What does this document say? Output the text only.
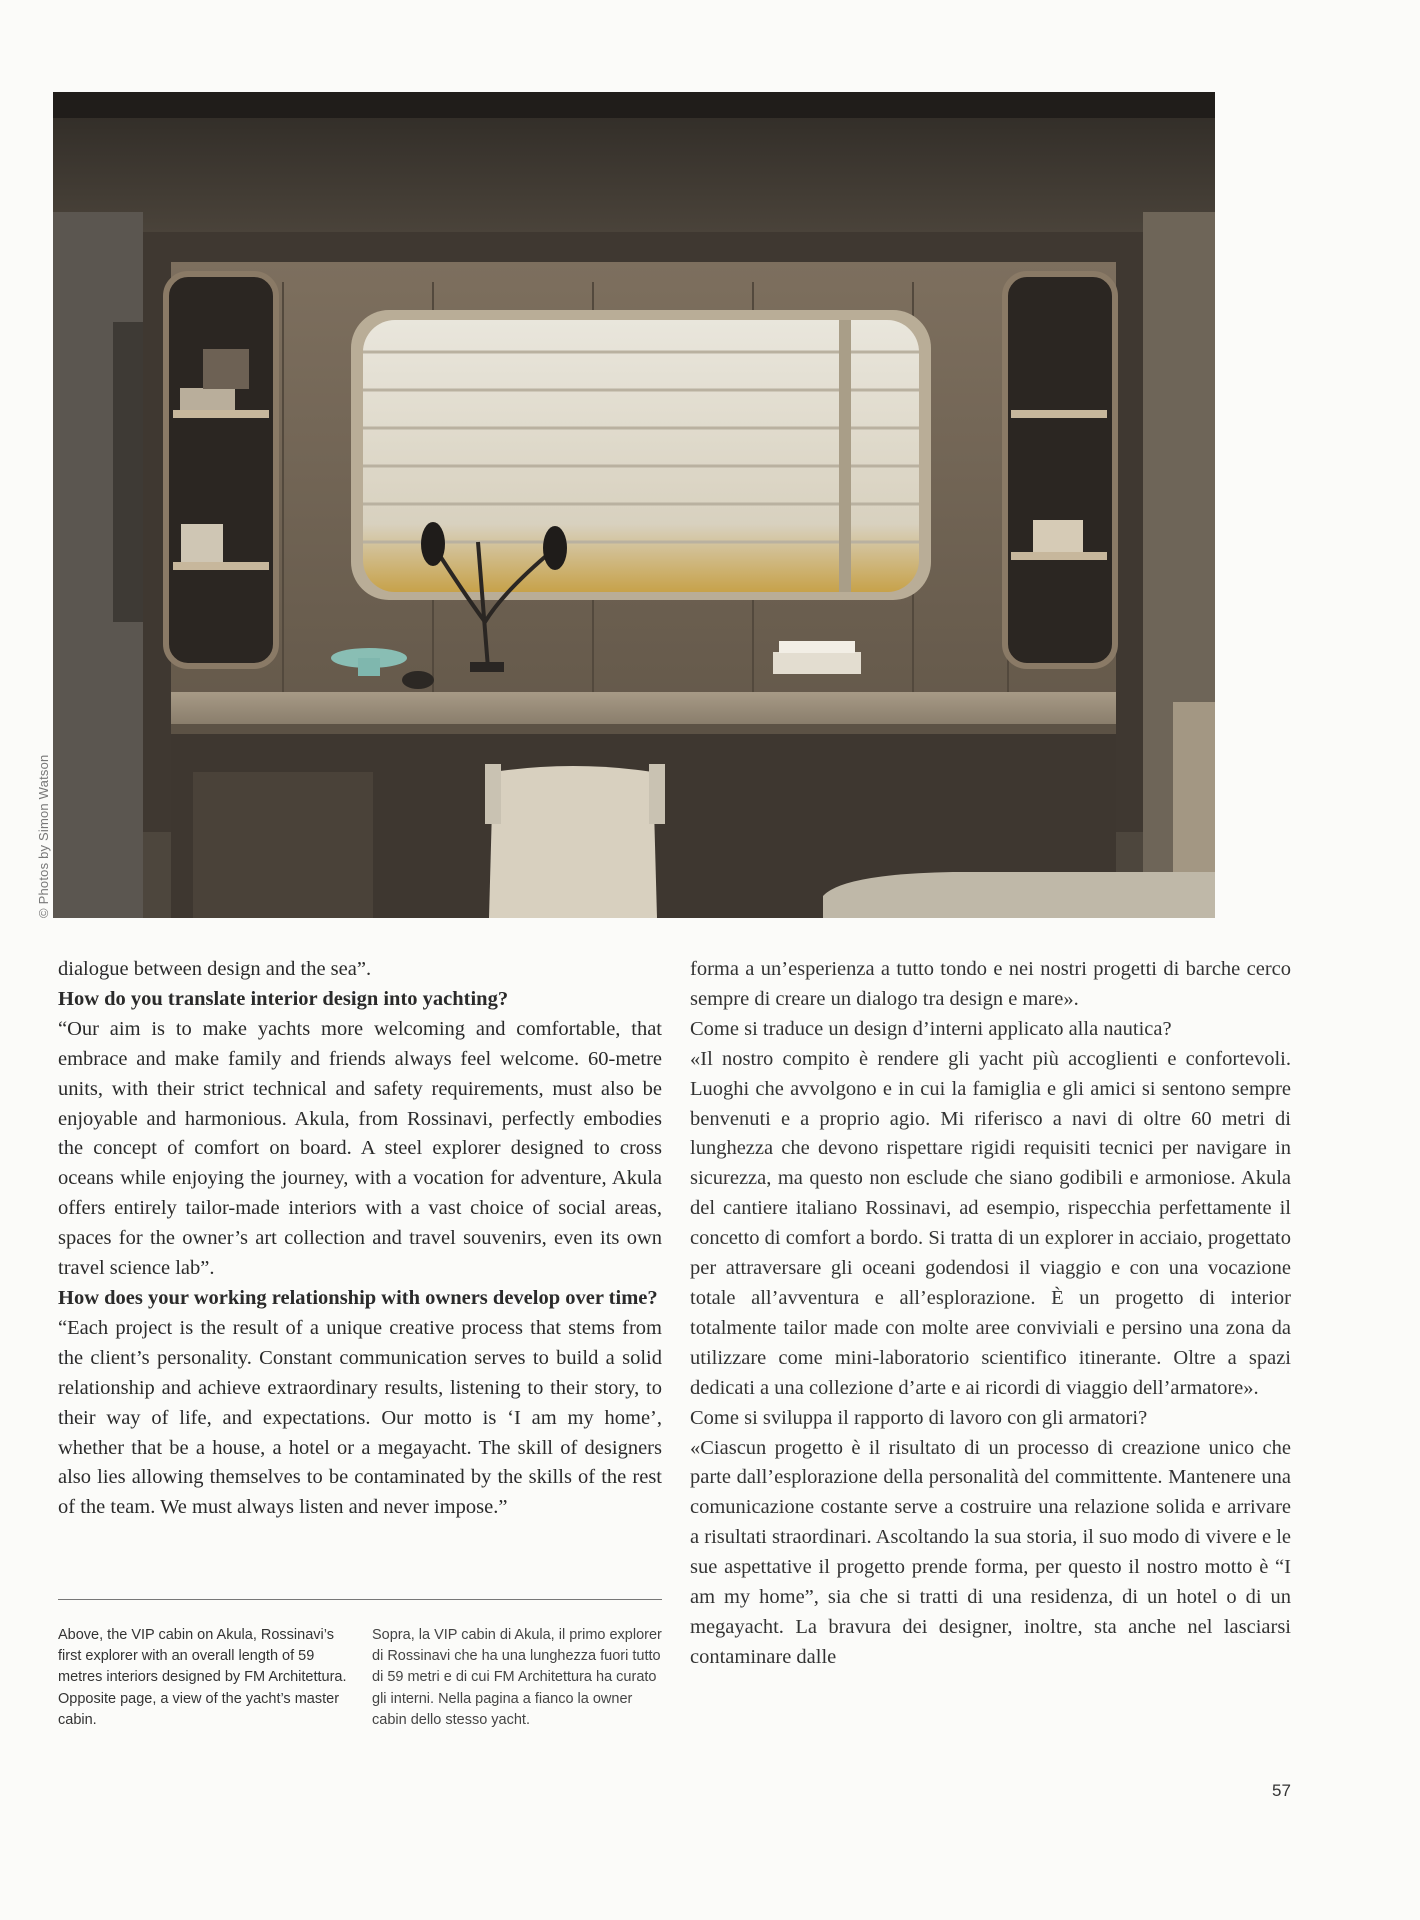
© Photos by Simon Watson

dialogue between design and the sea”.

How do you translate interior design into yachting?

“Our aim is to make yachts more welcoming and comfortable, that embrace and make family and friends always feel welcome. 60-metre units, with their strict technical and safety requirements, must also be enjoyable and harmonious. Akula, from Rossinavi, perfectly embodies the concept of comfort on board. A steel explorer designed to cross oceans while enjoying the journey, with a vocation for adventure, Akula offers entirely tailor-made interiors with a vast choice of social areas, spaces for the owner’s art collection and travel souvenirs, even its own travel science lab”.

How does your working relationship with owners develop over time?

“Each project is the result of a unique creative process that stems from the client’s personality. Constant communication serves to build a solid relationship and achieve extraordinary results, listening to their story, to their way of life, and expectations. Our motto is ‘I am my home’, whether that be a house, a hotel or a megayacht. The skill of designers also lies allowing themselves to be contaminated by the skills of the rest of the team. We must always listen and never impose.”

forma a un’esperienza a tutto tondo e nei nostri progetti di barche cerco sempre di creare un dialogo tra design e mare».

Come si traduce un design d’interni applicato alla nautica?

«Il nostro compito è rendere gli yacht più accoglienti e confortevoli. Luoghi che avvolgono e in cui la famiglia e gli amici si sentono sempre benvenuti e a proprio agio. Mi riferisco a navi di oltre 60 metri di lunghezza che devono rispettare rigidi requisiti tecnici per navigare in sicurezza, ma questo non esclude che siano godibili e armoniose. Akula del cantiere italiano Rossinavi, ad esempio, rispecchia perfettamente il concetto di comfort a bordo. Si tratta di un explorer in acciaio, progettato per attraversare gli oceani godendosi il viaggio e con una vocazione totale all’avventura e all’esplorazione. È un progetto di interior totalmente tailor made con molte aree conviviali e persino una zona da utilizzare come mini-laboratorio scientifico itinerante. Oltre a spazi dedicati a una collezione d’arte e ai ricordi di viaggio dell’armatore».

Come si sviluppa il rapporto di lavoro con gli armatori?

«Ciascun progetto è il risultato di un processo di creazione unico che parte dall’esplorazione della personalità del committente. Mantenere una comunicazione costante serve a costruire una relazione solida e arrivare a risultati straordinari. Ascoltando la sua storia, il suo modo di vivere e le sue aspettative il progetto prende forma, per questo il nostro motto è “I am my home”, sia che si tratti di una residenza, di un hotel o di un megayacht. La bravura dei designer, inoltre, sta anche nel lasciarsi contaminare dalle

Above, the VIP cabin on Akula, Rossinavi’s first explorer with an overall length of 59 metres interiors designed by FM Architettura. Opposite page, a view of the yacht’s master cabin.
Sopra, la VIP cabin di Akula, il primo explorer di Rossinavi che ha una lunghezza fuori tutto di 59 metri e di cui FM Architettura ha curato gli interni. Nella pagina a fianco la owner cabin dello stesso yacht.
57
